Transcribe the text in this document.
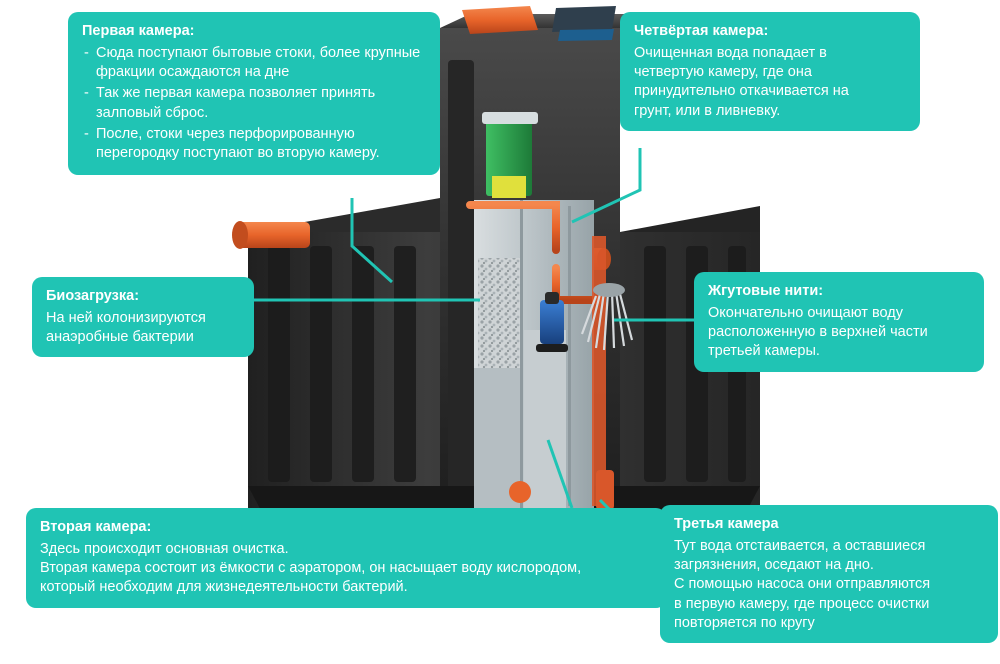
Первая камера:
- Сюда поступают бытовые стоки, более крупные фракции осаждаются на дне
- Так же первая камера позволяет принять залповый сброс.
- После, стоки через перфорированную перегородку поступают во вторую камеру.
Четвёртая камера:
Очищенная вода попадает в
четвертую камеру, где она
принудительно откачивается на
грунт, или в ливневку.
Биозагрузка:
На ней колонизируются
анаэробные бактерии
Жгутовые нити:
Окончательно очищают воду
расположенную в верхней части
третьей камеры.
Вторая камера:
Здесь происходит основная очистка.
Вторая камера состоит из ёмкости с аэратором, он насыщает воду кислородом,
который необходим для жизнедеятельности бактерий.
Третья камера
Тут вода отстаивается, а оставшиеся
загрязнения, оседают на дно.
С помощью насоса они отправляются
в первую камеру, где процесс очистки
повторяется по кругу
